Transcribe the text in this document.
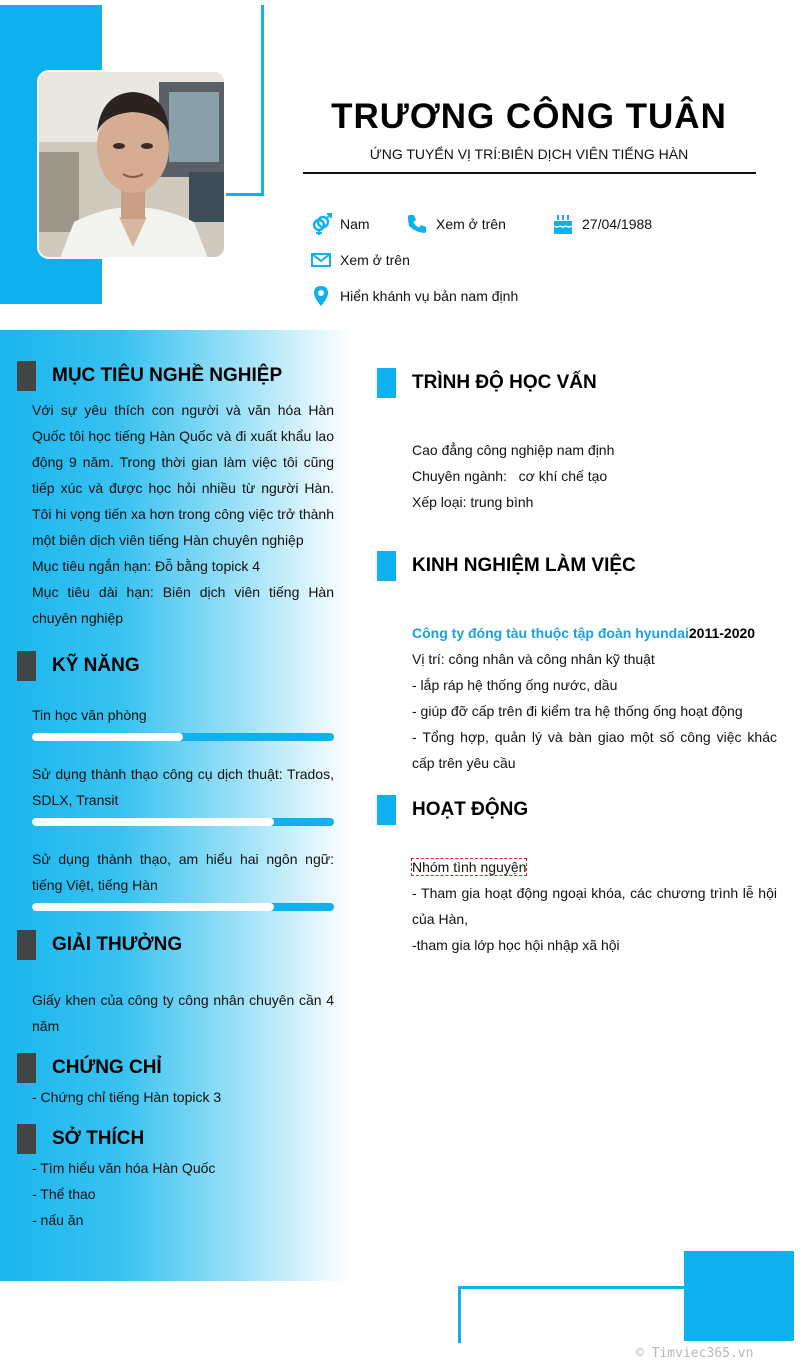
TRƯƠNG CÔNG TUÂN
ỨNG TUYỂN VỊ TRÍ:BIÊN DỊCH VIÊN TIẾNG HÀN
Nam	Xem ở trên	27/04/1988
Xem ở trên
Hiển khánh vụ bản nam định
MỤC TIÊU NGHỀ NGHIỆP
Với sự yêu thích con người và văn hóa Hàn Quốc tôi học tiếng Hàn Quốc và đi xuất khẩu lao động 9 năm. Trong thời gian làm việc tôi cũng tiếp xúc và được học hỏi nhiều từ người Hàn. Tôi hi vọng tiến xa hơn trong công việc trở thành một biên dịch viên tiếng Hàn chuyên nghiệp
Mục tiêu ngắn hạn: Đỗ bằng topick 4
Mục tiêu dài hạn: Biên dịch viên tiếng Hàn chuyên nghiệp
KỸ NĂNG
Tin học văn phòng
Sử dụng thành thạo công cụ dịch thuật: Trados, SDLX, Transit
Sử dụng thành thạo, am hiểu hai ngôn ngữ: tiếng Việt, tiếng Hàn
GIẢI THƯỞNG
Giấy khen của công ty công nhân chuyên cần 4 năm
CHỨNG CHỈ
- Chứng chỉ tiếng Hàn topick 3
SỞ THÍCH
- Tìm hiểu văn hóa Hàn Quốc
- Thể thao
- nấu ăn
TRÌNH ĐỘ HỌC VẤN
Cao đẳng công nghiệp nam định
Chuyên ngành:   cơ khí chế tạo
Xếp loại: trung bình
KINH NGHIỆM LÀM VIỆC
Công ty đóng tàu thuộc tập đoàn hyundai2011-2020
Vị trí: công nhân và công nhân kỹ thuật
- lắp ráp hệ thống ống nước, dầu
- giúp đỡ cấp trên đi kiểm tra hệ thống ống hoạt động
- Tổng hợp, quản lý và bàn giao một số công việc khác cấp trên yêu cầu
HOẠT ĐỘNG
Nhóm tình nguyện
- Tham gia hoạt động ngoại khóa, các chương trình lễ hội của Hàn,
-tham gia lớp học hội nhập xã hội
© Timviec365.vn
